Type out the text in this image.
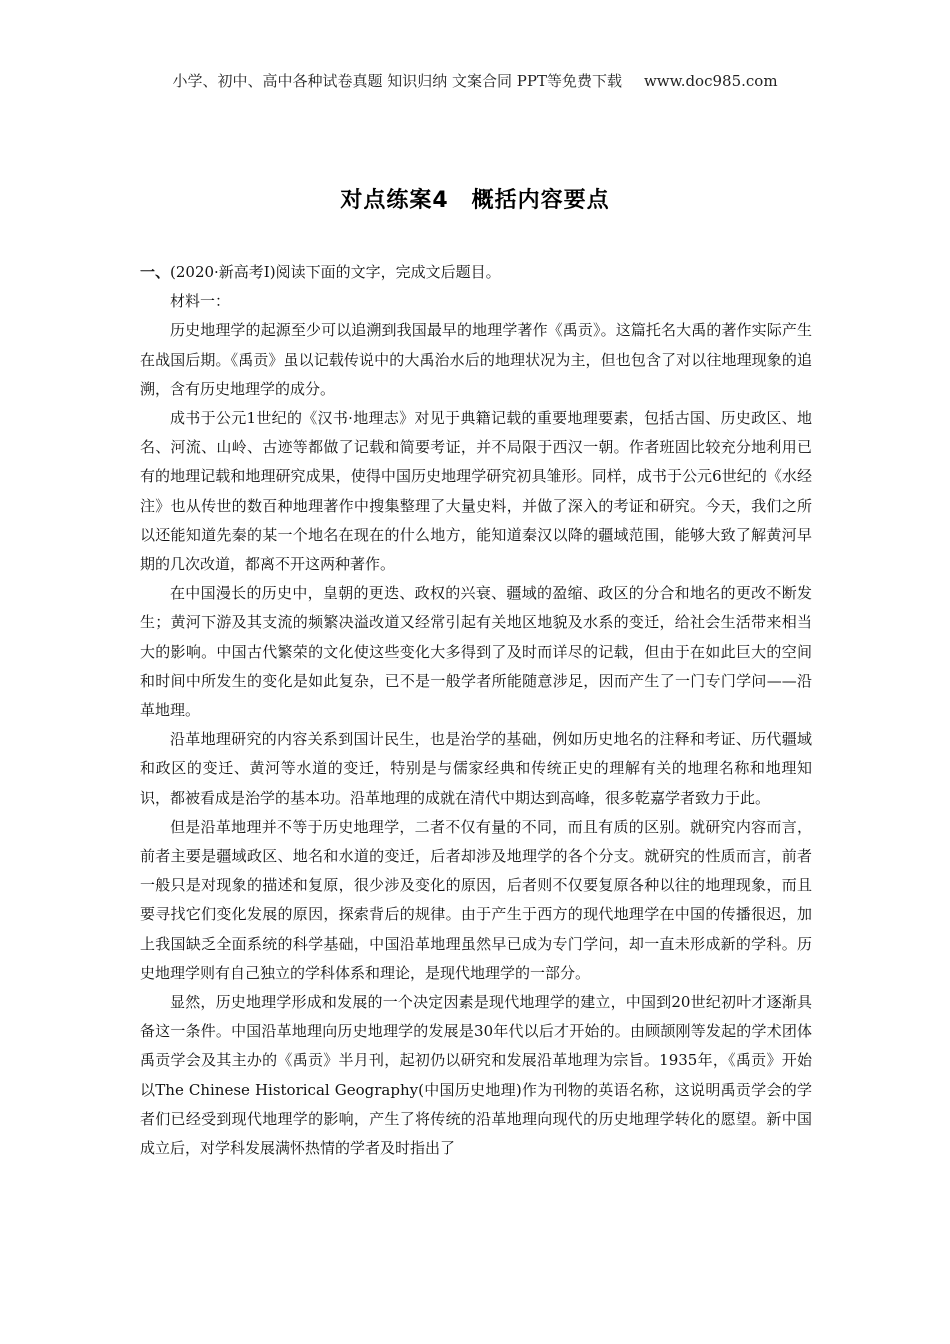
小学、初中、高中各种试卷真题 知识归纳 文案合同 PPT等免费下载 www.doc985.com
对点练案4　概括内容要点

一、(2020·新高考Ⅰ)阅读下面的文字，完成文后题目。

材料一：

历史地理学的起源至少可以追溯到我国最早的地理学著作《禹贡》。这篇托名大禹的著作实际产生在战国后期。《禹贡》虽以记载传说中的大禹治水后的地理状况为主，但也包含了对以往地理现象的追溯，含有历史地理学的成分。

成书于公元1世纪的《汉书·地理志》对见于典籍记载的重要地理要素，包括古国、历史政区、地名、河流、山岭、古迹等都做了记载和简要考证，并不局限于西汉一朝。作者班固比较充分地利用已有的地理记载和地理研究成果，使得中国历史地理学研究初具雏形。同样，成书于公元6世纪的《水经注》也从传世的数百种地理著作中搜集整理了大量史料，并做了深入的考证和研究。今天，我们之所以还能知道先秦的某一个地名在现在的什么地方，能知道秦汉以降的疆域范围，能够大致了解黄河早期的几次改道，都离不开这两种著作。

在中国漫长的历史中，皇朝的更迭、政权的兴衰、疆域的盈缩、政区的分合和地名的更改不断发生；黄河下游及其支流的频繁决溢改道又经常引起有关地区地貌及水系的变迁，给社会生活带来相当大的影响。中国古代繁荣的文化使这些变化大多得到了及时而详尽的记载，但由于在如此巨大的空间和时间中所发生的变化是如此复杂，已不是一般学者所能随意涉足，因而产生了一门专门学问——沿革地理。

沿革地理研究的内容关系到国计民生，也是治学的基础，例如历史地名的注释和考证、历代疆域和政区的变迁、黄河等水道的变迁，特别是与儒家经典和传统正史的理解有关的地理名称和地理知识，都被看成是治学的基本功。沿革地理的成就在清代中期达到高峰，很多乾嘉学者致力于此。

但是沿革地理并不等于历史地理学，二者不仅有量的不同，而且有质的区别。就研究内容而言，前者主要是疆域政区、地名和水道的变迁，后者却涉及地理学的各个分支。就研究的性质而言，前者一般只是对现象的描述和复原，很少涉及变化的原因，后者则不仅要复原各种以往的地理现象，而且要寻找它们变化发展的原因，探索背后的规律。由于产生于西方的现代地理学在中国的传播很迟，加上我国缺乏全面系统的科学基础，中国沿革地理虽然早已成为专门学问，却一直未形成新的学科。历史地理学则有自己独立的学科体系和理论，是现代地理学的一部分。

显然，历史地理学形成和发展的一个决定因素是现代地理学的建立，中国到20世纪初叶才逐渐具备这一条件。中国沿革地理向历史地理学的发展是30年代以后才开始的。由顾颉刚等发起的学术团体禹贡学会及其主办的《禹贡》半月刊，起初仍以研究和发展沿革地理为宗旨。1935年，《禹贡》开始以The Chinese Historical Geography(中国历史地理)作为刊物的英语名称，这说明禹贡学会的学者们已经受到现代地理学的影响，产生了将传统的沿革地理向现代的历史地理学转化的愿望。新中国成立后，对学科发展满怀热情的学者及时指出了
